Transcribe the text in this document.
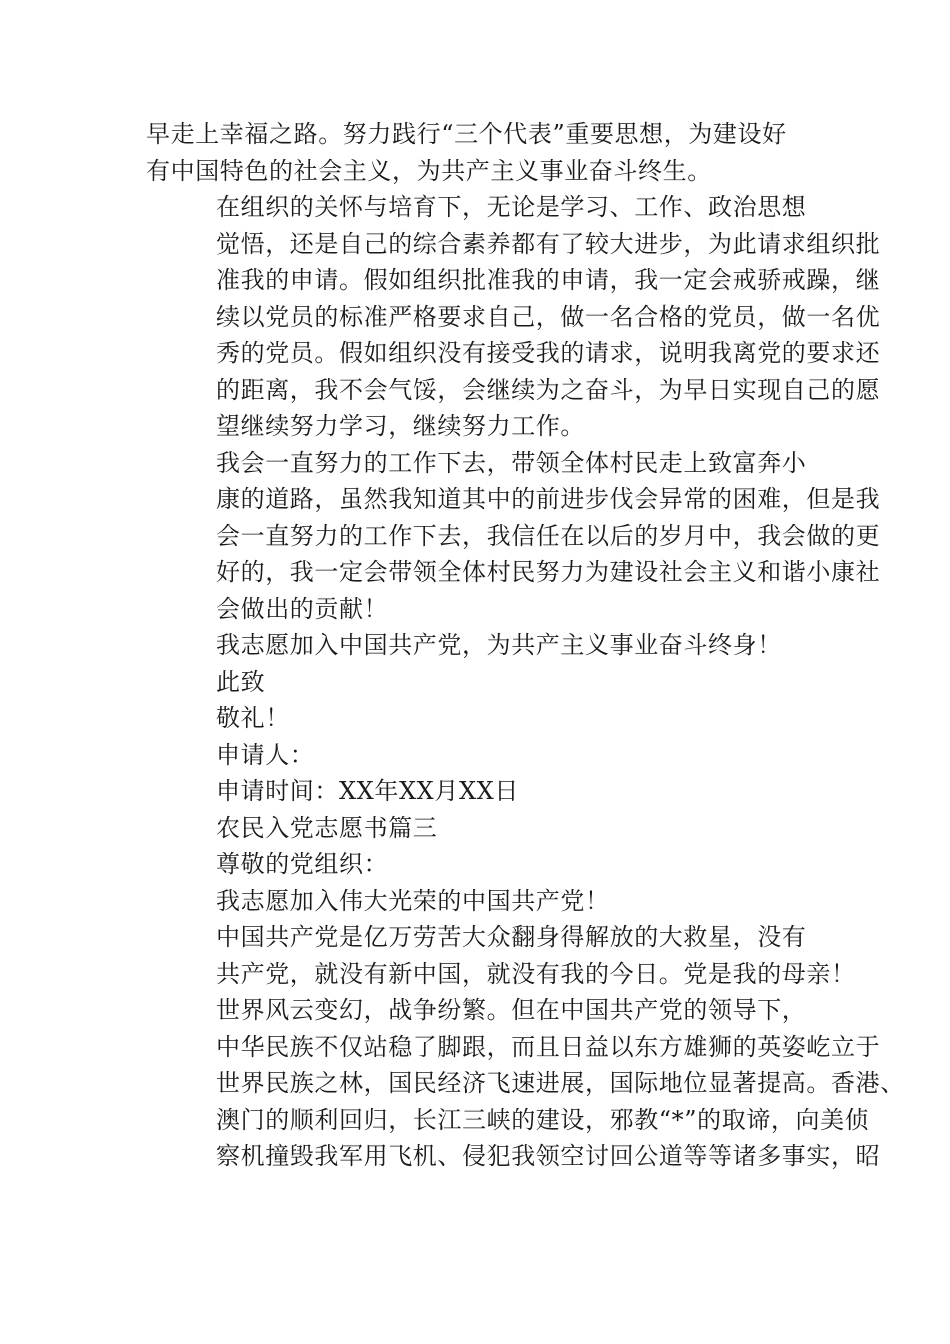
早走上幸福之路。努力践行“三个代表”重要思想，为建设好
有中国特色的社会主义，为共产主义事业奋斗终生。

在组织的关怀与培育下，无论是学习、工作、政治思想
觉悟，还是自己的综合素养都有了较大进步，为此请求组织批
准我的申请。假如组织批准我的申请，我一定会戒骄戒躁，继
续以党员的标准严格要求自己，做一名合格的党员，做一名优
秀的党员。假如组织没有接受我的请求，说明我离党的要求还
的距离，我不会气馁，会继续为之奋斗，为早日实现自己的愿
望继续努力学习，继续努力工作。

我会一直努力的工作下去，带领全体村民走上致富奔小
康的道路，虽然我知道其中的前进步伐会异常的困难，但是我
会一直努力的工作下去，我信任在以后的岁月中，我会做的更
好的，我一定会带领全体村民努力为建设社会主义和谐小康社
会做出的贡献！

我志愿加入中国共产党，为共产主义事业奋斗终身！

此致

敬礼！

申请人：

申请时间：XX年XX月XX日

农民入党志愿书篇三

尊敬的党组织：

我志愿加入伟大光荣的中国共产党！

中国共产党是亿万劳苦大众翻身得解放的大救星，没有
共产党，就没有新中国，就没有我的今日。党是我的母亲！

世界风云变幻，战争纷繁。但在中国共产党的领导下，
中华民族不仅站稳了脚跟，而且日益以东方雄狮的英姿屹立于
世界民族之林，国民经济飞速进展，国际地位显著提高。香港、
澳门的顺利回归，长江三峡的建设，邪教“*”的取谛，向美侦
察机撞毁我军用飞机、侵犯我领空讨回公道等等诸多事实，昭
